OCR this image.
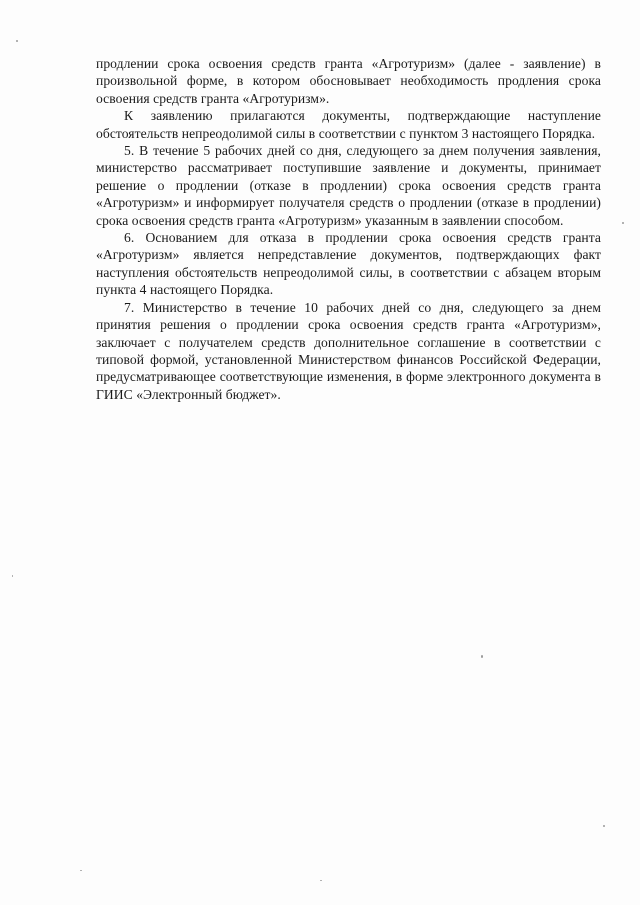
продлении срока освоения средств гранта «Агротуризм» (далее - заявление) в произвольной форме, в котором обосновывает необходимость продления срока освоения средств гранта «Агротуризм».

К заявлению прилагаются документы, подтверждающие наступление обстоятельств непреодолимой силы в соответствии с пунктом 3 настоящего Порядка.

5. В течение 5 рабочих дней со дня, следующего за днем получения заявления, министерство рассматривает поступившие заявление и документы, принимает решение о продлении (отказе в продлении) срока освоения средств гранта «Агротуризм» и информирует получателя средств о продлении (отказе в продлении) срока освоения средств гранта «Агротуризм» указанным в заявлении способом.

6. Основанием для отказа в продлении срока освоения средств гранта «Агротуризм» является непредставление документов, подтверждающих факт наступления обстоятельств непреодолимой силы, в соответствии с абзацем вторым пункта 4 настоящего Порядка.

7. Министерство в течение 10 рабочих дней со дня, следующего за днем принятия решения о продлении срока освоения средств гранта «Агротуризм», заключает с получателем средств дополнительное соглашение в соответствии с типовой формой, установленной Министерством финансов Российской Федерации, предусматривающее соответствующие изменения, в форме электронного документа в ГИИС «Электронный бюджет».
